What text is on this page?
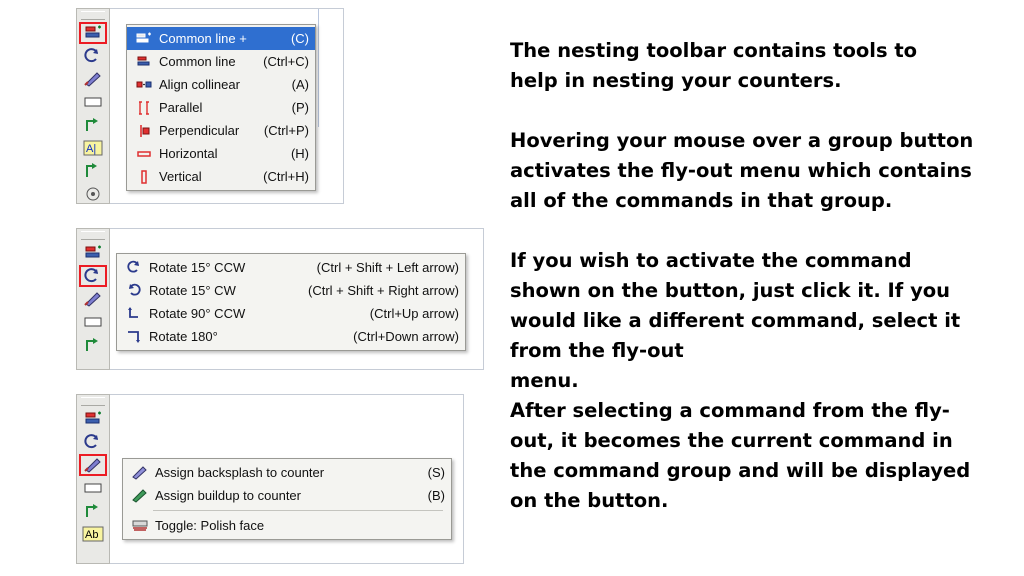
A|
Common line +	(C)
Common line	(Ctrl+C)
Align collinear	(A)
Parallel	(P)
Perpendicular	(Ctrl+P)
Horizontal	(H)
Vertical	(Ctrl+H)
Rotate 15° CCW	(Ctrl + Shift + Left arrow)
Rotate 15° CW	(Ctrl + Shift + Right arrow)
Rotate 90° CCW	(Ctrl+Up arrow)
Rotate 180°	(Ctrl+Down arrow)
Ab
Assign backsplash to counter	(S)
Assign buildup to counter	(B)
Toggle: Polish face

The nesting toolbar contains tools to

help in nesting your counters.

Hovering your mouse over a group button

activates the fly-out menu which contains

all of the commands in that group.

If you wish to activate the command

shown on the button, just click it. If you

would like a different command, select it

from the fly-out

menu.

After selecting a command from the fly-

out, it becomes the current command in

the command group and will be displayed

on the button.
